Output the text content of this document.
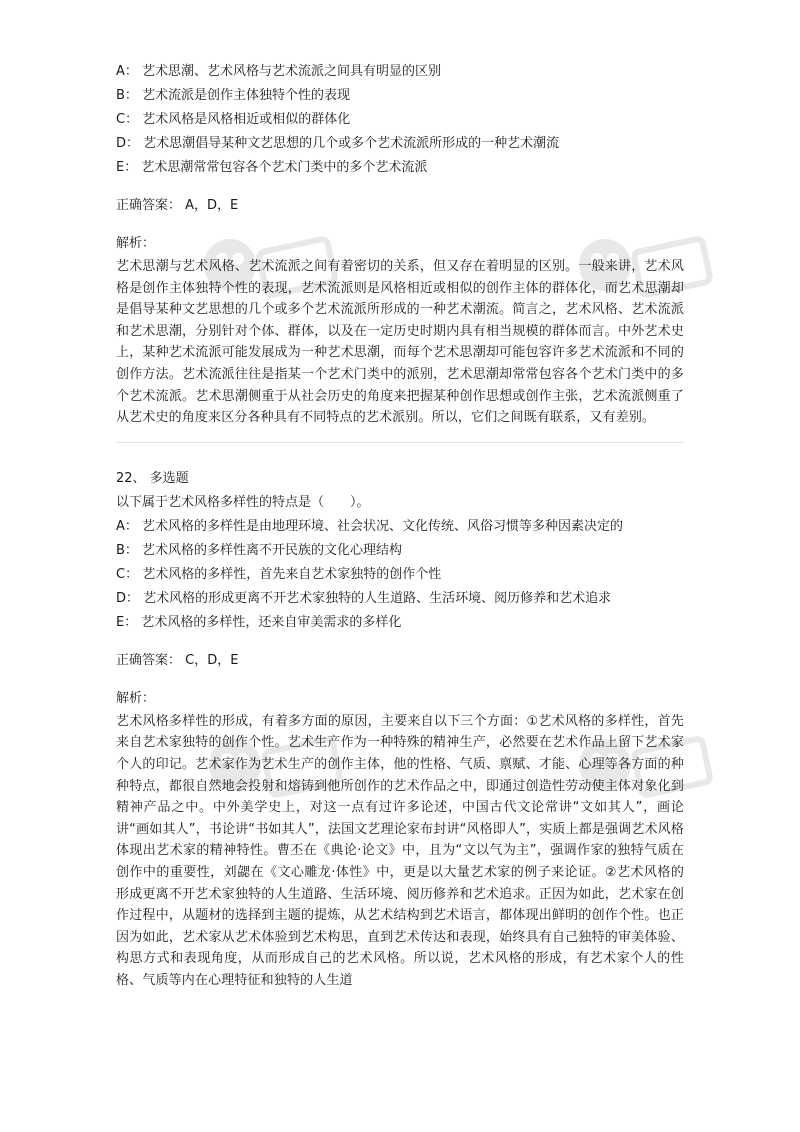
A： 艺术思潮、艺术风格与艺术流派之间具有明显的区别

B： 艺术流派是创作主体独特个性的表现

C： 艺术风格是风格相近或相似的群体化

D： 艺术思潮倡导某种文艺思想的几个或多个艺术流派所形成的一种艺术潮流

E： 艺术思潮常常包容各个艺术门类中的多个艺术流派

正确答案： A，D，E

解析：

艺术思潮与艺术风格、艺术流派之间有着密切的关系，但又存在着明显的区别。一般来讲，艺术风格是创作主体独特个性的表现，艺术流派则是风格相近或相似的创作主体的群体化，而艺术思潮却是倡导某种文艺思想的几个或多个艺术流派所形成的一种艺术潮流。简言之，艺术风格、艺术流派和艺术思潮，分别针对个体、群体，以及在一定历史时期内具有相当规模的群体而言。中外艺术史上，某种艺术流派可能发展成为一种艺术思潮，而每个艺术思潮却可能包容许多艺术流派和不同的创作方法。艺术流派往往是指某一个艺术门类中的派别，艺术思潮却常常包容各个艺术门类中的多个艺术流派。艺术思潮侧重于从社会历史的角度来把握某种创作思想或创作主张，艺术流派侧重了从艺术史的角度来区分各种具有不同特点的艺术派别。所以，它们之间既有联系，又有差别。

22、 多选题

以下属于艺术风格多样性的特点是（　　）。

A： 艺术风格的多样性是由地理环境、社会状况、文化传统、风俗习惯等多种因素决定的

B： 艺术风格的多样性离不开民族的文化心理结构

C： 艺术风格的多样性，首先来自艺术家独特的创作个性

D： 艺术风格的形成更离不开艺术家独特的人生道路、生活环境、阅历修养和艺术追求

E： 艺术风格的多样性，还来自审美需求的多样化

正确答案： C，D，E

解析：

艺术风格多样性的形成，有着多方面的原因，主要来自以下三个方面：①艺术风格的多样性，首先来自艺术家独特的创作个性。艺术生产作为一种特殊的精神生产，必然要在艺术作品上留下艺术家个人的印记。艺术家作为艺术生产的创作主体，他的性格、气质、禀赋、才能、心理等各方面的种种特点，都很自然地会投射和熔铸到他所创作的艺术作品之中，即通过创造性劳动使主体对象化到精神产品之中。中外美学史上，对这一点有过许多论述，中国古代文论常讲“文如其人”，画论讲“画如其人”，书论讲“书如其人”，法国文艺理论家布封讲“风格即人”，实质上都是强调艺术风格体现出艺术家的精神特性。曹丕在《典论·论文》中，且为“文以气为主”，强调作家的独特气质在创作中的重要性，刘勰在《文心雕龙·体性》中，更是以大量艺术家的例子来论证。②艺术风格的形成更离不开艺术家独特的人生道路、生活环境、阅历修养和艺术追求。正因为如此，艺术家在创作过程中，从题材的选择到主题的提炼，从艺术结构到艺术语言，都体现出鲜明的创作个性。也正因为如此，艺术家从艺术体验到艺术构思，直到艺术传达和表现，始终具有自己独特的审美体验、构思方式和表现角度，从而形成自己的艺术风格。所以说，艺术风格的形成，有艺术家个人的性格、气质等内在心理特征和独特的人生道
